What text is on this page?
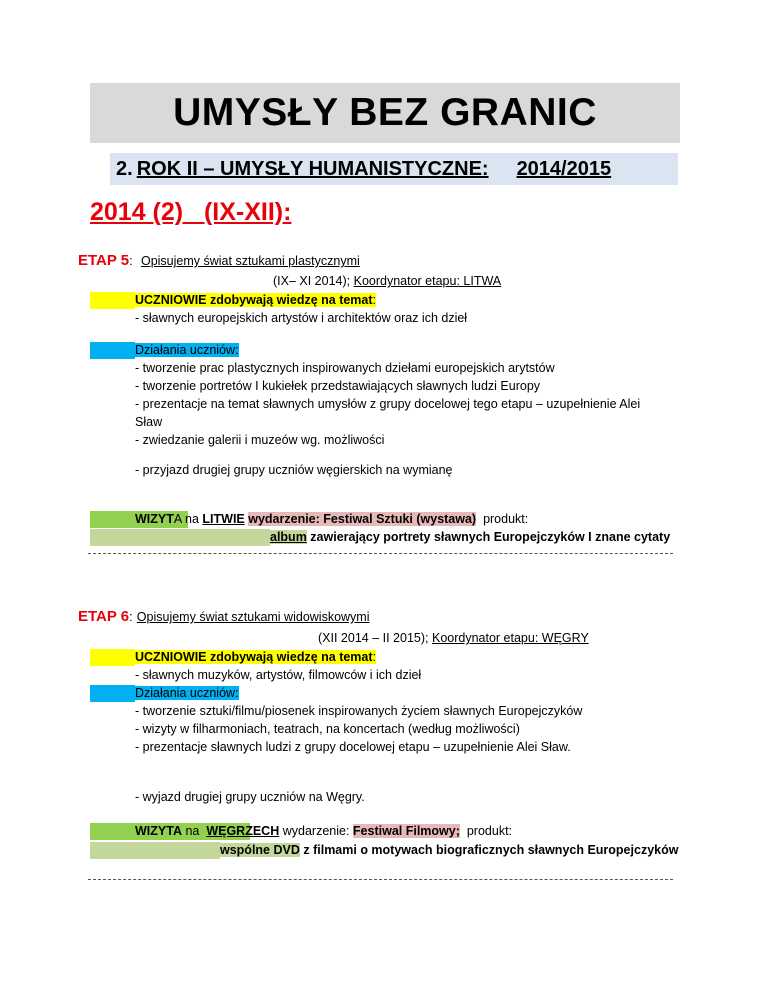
UMYSŁY BEZ GRANIC
2. ROK II – UMYSŁY HUMANISTYCZNE: 2014/2015
2014 (2)   (IX-XII):
ETAP 5: Opisujemy świat sztukami plastycznymi
(IX– XI 2014); Koordynator etapu: LITWA
UCZNIOWIE zdobywają wiedzę na temat:
- sławnych europejskich artystów i architektów oraz ich dzieł
Działania uczniów:
- tworzenie prac plastycznych inspirowanych dziełami europejskich arytstów
- tworzenie portretów I kukiełek przedstawiających sławnych ludzi Europy
- prezentacje na temat sławnych umysłów z grupy docelowej tego etapu – uzupełnienie Alei
Sław
- zwiedzanie galerii i muzeów wg. możliwości
- przyjazd drugiej grupy uczniów węgierskich na wymianę
WIZYTA na LITWIE wydarzenie: Festiwal Sztuki (wystawa) produkt:
album zawierający portrety sławnych Europejczyków I znane cytaty
ETAP 6: Opisujemy świat sztukami widowiskowymi
(XII 2014 – II 2015); Koordynator etapu: WĘGRY
UCZNIOWIE zdobywają wiedzę na temat:
- sławnych muzyków, artystów, filmowców i ich dzieł
Działania uczniów:
- tworzenie sztuki/filmu/piosenek inspirowanych życiem sławnych Europejczyków
- wizyty w filharmoniach, teatrach, na koncertach (według możliwości)
- prezentacje sławnych ludzi z grupy docelowej etapu – uzupełnienie Alei Sław.
- wyjazd drugiej grupy uczniów na Węgry.
WIZYTA na WĘGRZECH wydarzenie: Festiwal Filmowy; produkt:
wspólne DVD z filmami o motywach biograficznych sławnych Europejczyków
